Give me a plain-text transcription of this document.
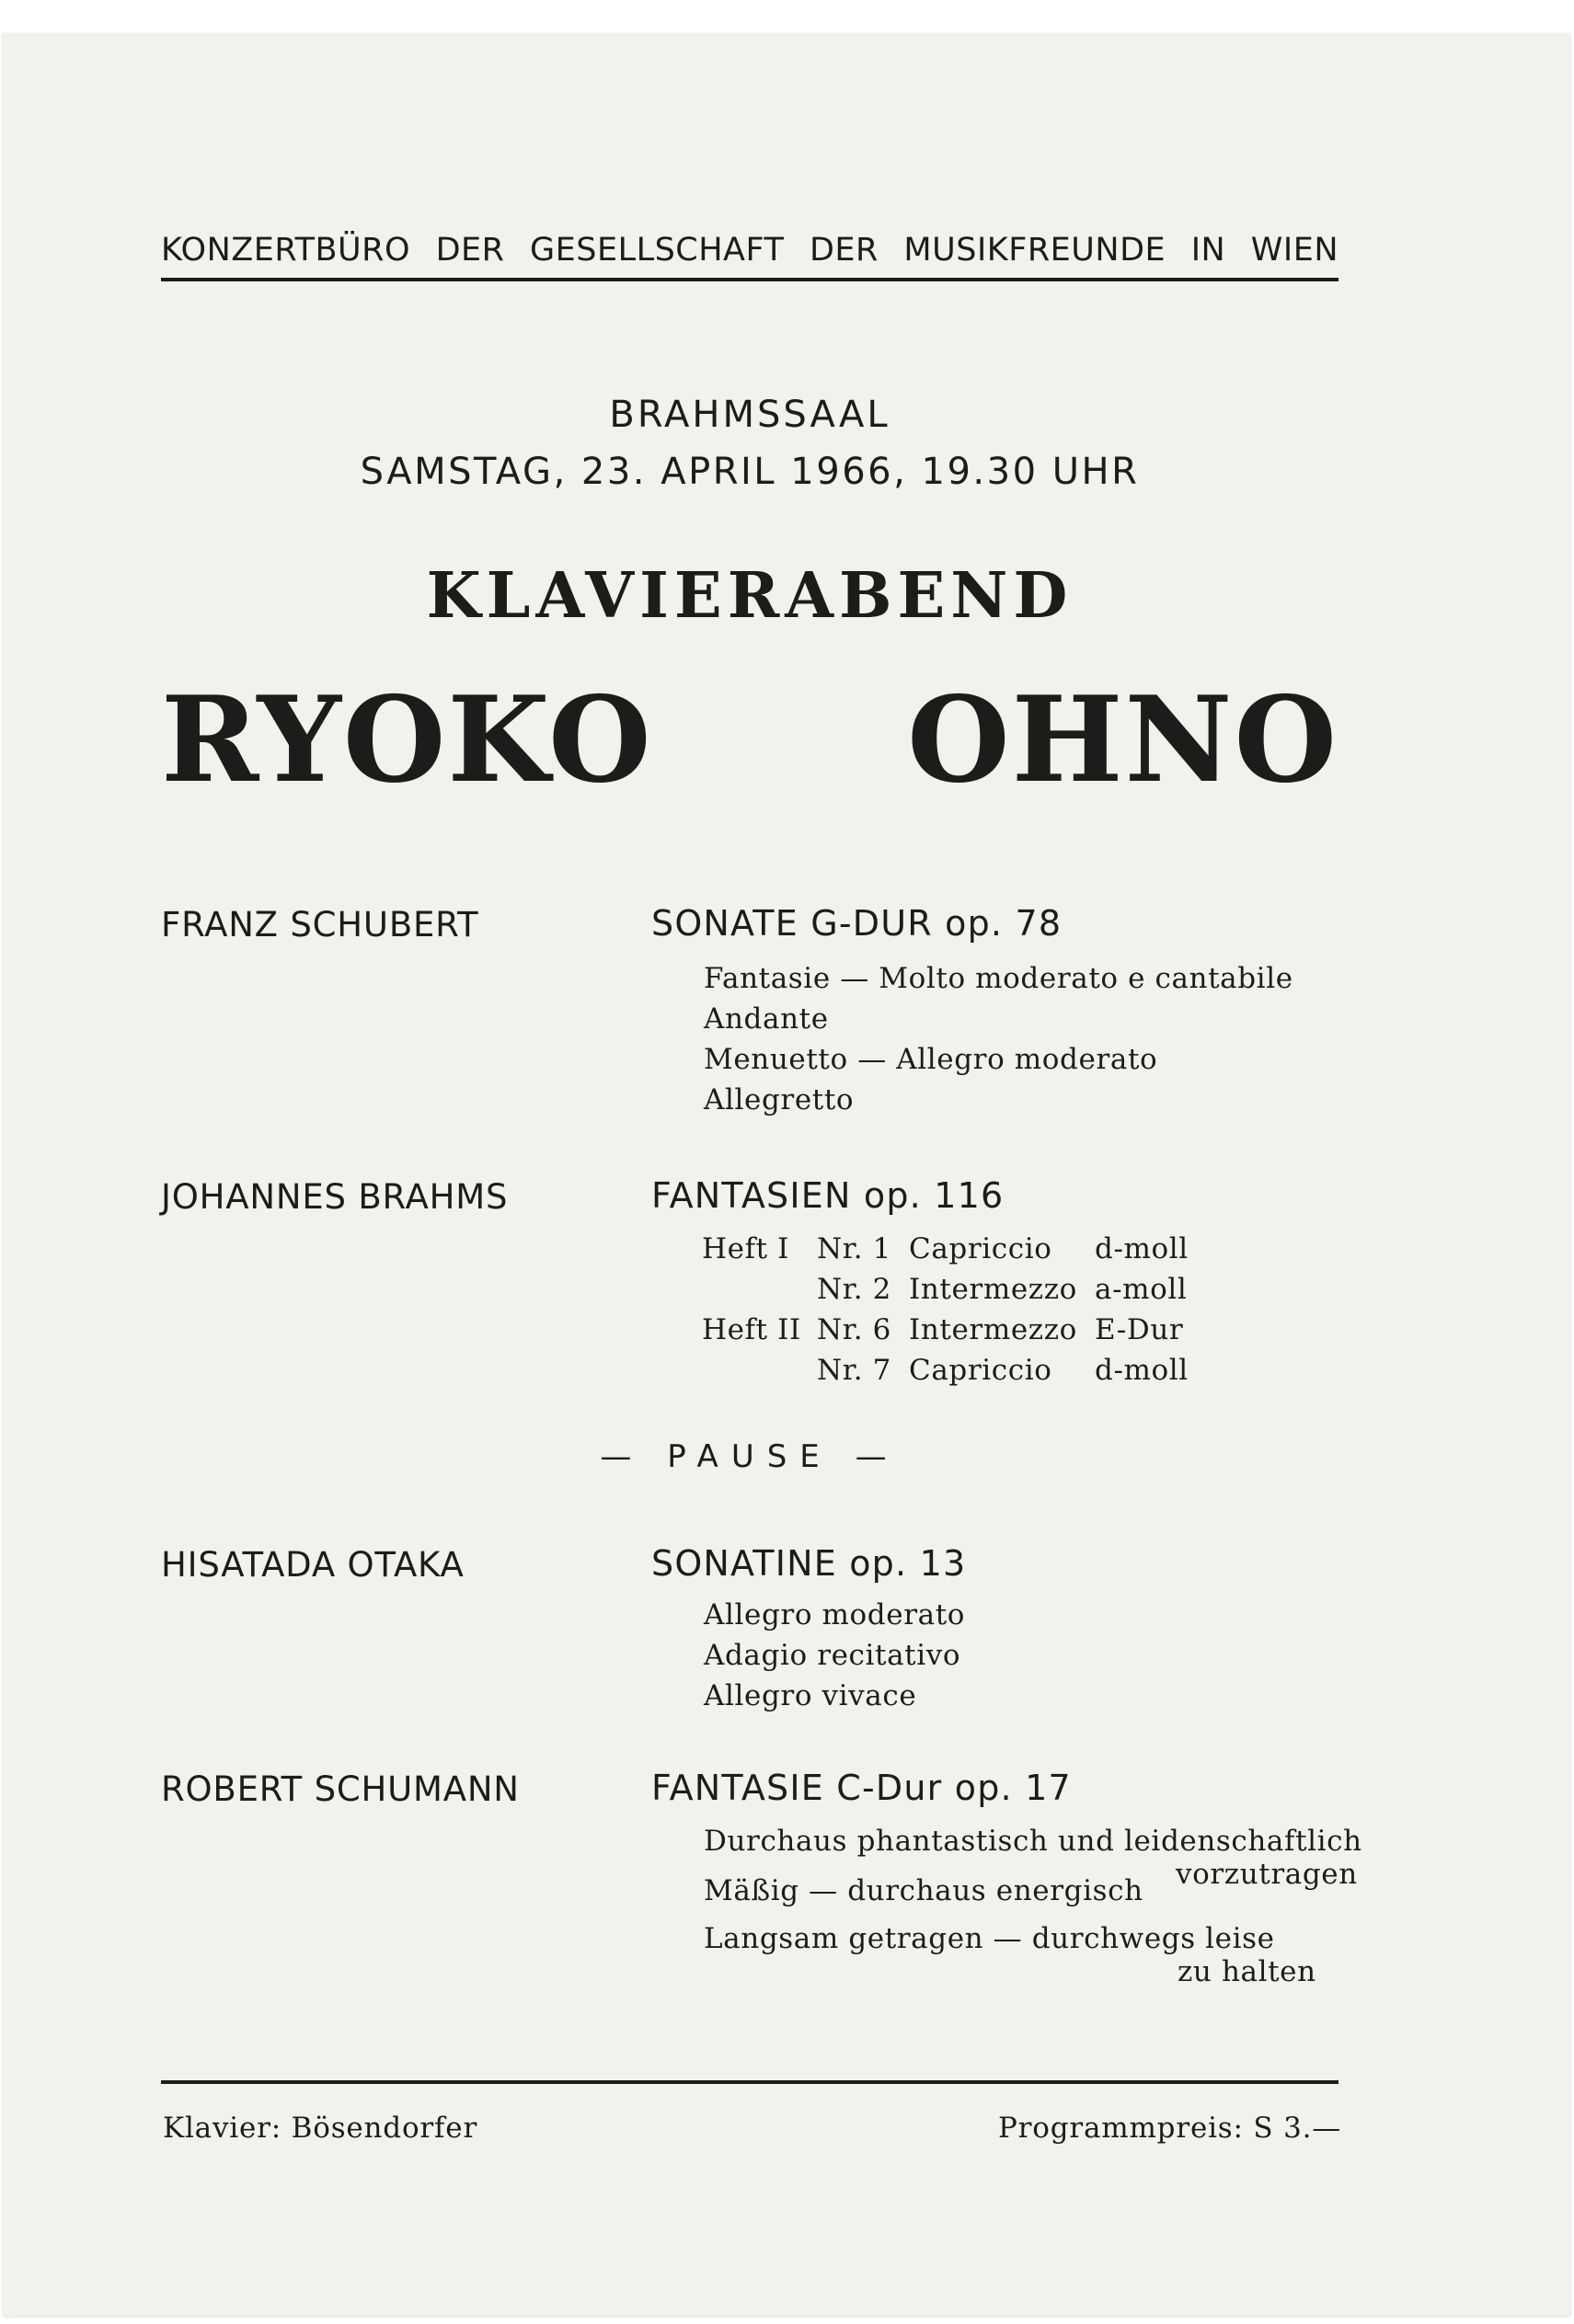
KONZERTBÜRO DER GESELLSCHAFT DER MUSIKFREUNDE IN WIEN
BRAHMSSAAL
SAMSTAG, 23. APRIL 1966, 19.30 UHR
KLAVIERABEND
RYOKO OHNO
FRANZ SCHUBERT	SONATE G-DUR op. 78
Fantasie — Molto moderato e cantabile
Andante
Menuetto — Allegro moderato
Allegretto
JOHANNES BRAHMS	FANTASIEN op. 116
Heft I Nr. 1 Capriccio d-moll
Nr. 2 Intermezzo a-moll
Heft II Nr. 6 Intermezzo E-Dur
Nr. 7 Capriccio d-moll
— PAUSE —
HISATADA OTAKA	SONATINE op. 13
Allegro moderato
Adagio recitativo
Allegro vivace
ROBERT SCHUMANN	FANTASIE C-Dur op. 17
Durchaus phantastisch und leidenschaftlich
vorzutragen
Mäßig — durchaus energisch
Langsam getragen — durchwegs leise
zu halten
Klavier: Bösendorfer	Programmpreis: S 3.—
